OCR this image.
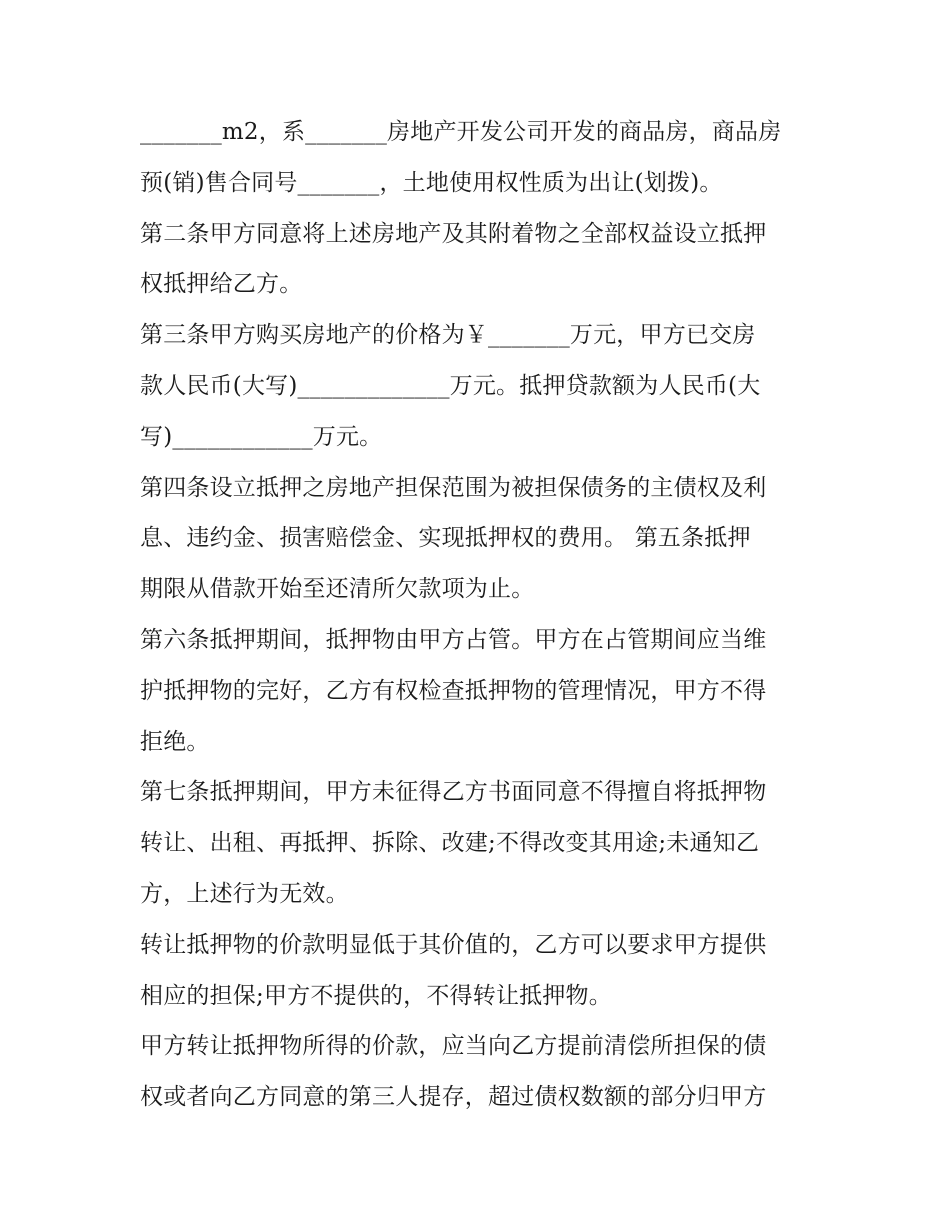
_______m2，系_______房地产开发公司开发的商品房，商品房
预(销)售合同号_______，土地使用权性质为出让(划拨)。
第二条甲方同意将上述房地产及其附着物之全部权益设立抵押
权抵押给乙方。
第三条甲方购买房地产的价格为￥_______万元，甲方已交房
款人民币(大写)_____________万元。抵押贷款额为人民币(大
写)____________万元。
第四条设立抵押之房地产担保范围为被担保债务的主债权及利
息、违约金、损害赔偿金、实现抵押权的费用。 第五条抵押
期限从借款开始至还清所欠款项为止。
第六条抵押期间，抵押物由甲方占管。甲方在占管期间应当维
护抵押物的完好，乙方有权检查抵押物的管理情况，甲方不得
拒绝。
第七条抵押期间，甲方未征得乙方书面同意不得擅自将抵押物
转让、出租、再抵押、拆除、改建;不得改变其用途;未通知乙
方，上述行为无效。
转让抵押物的价款明显低于其价值的，乙方可以要求甲方提供
相应的担保;甲方不提供的，不得转让抵押物。
甲方转让抵押物所得的价款，应当向乙方提前清偿所担保的债
权或者向乙方同意的第三人提存，超过债权数额的部分归甲方
